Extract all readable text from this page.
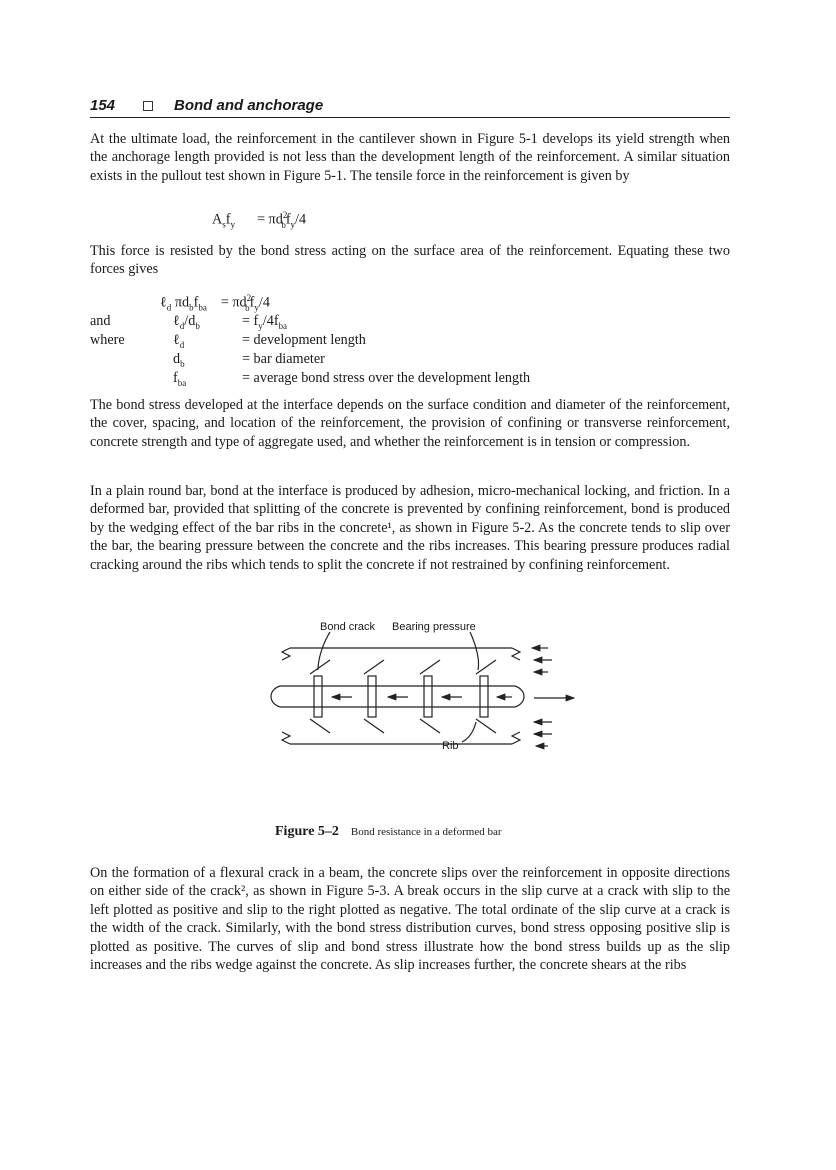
154	Bond and anchorage

At the ultimate load, the reinforcement in the cantilever shown in Figure 5-1 develops its yield strength when the anchorage length provided is not less than the development length of the reinforcement. A similar situation exists in the pullout test shown in Figure 5-1. The tensile force in the reinforcement is given by

$A_sf_y = \pi d^2_bf_y/4$

This force is resisted by the bond stress acting on the surface area of the reinforcement. Equating these two forces gives

ℓ$_d$ $\pi d_bf_{ba} = \pi d^2_bf_y/4$
and	$\ell_d/d_b$	= $f_y/4f_{ba}$
where	ℓ$_d$	= development length
$d_b$	= bar diameter
$f_{ba}$	= average bond stress over the development length

The bond stress developed at the interface depends on the surface condition and diameter of the reinforcement, the cover, spacing, and location of the reinforcement, the provision of confining or transverse reinforcement, concrete strength and type of aggregate used, and whether the reinforcement is in tension or compression.

In a plain round bar, bond at the interface is produced by adhesion, micro-mechanical locking, and friction. In a deformed bar, provided that splitting of the concrete is prevented by confining reinforcement, bond is produced by the wedging effect of the bar ribs in the concrete¹, as shown in Figure 5-2. As the concrete tends to slip over the bar, the bearing pressure between the concrete and the ribs increases. This bearing pressure produces radial cracking around the ribs which tends to split the concrete if not restrained by confining reinforcement.

Bond crack Bearing pressure
Rib
Figure 5–2 Bond resistance in a deformed bar

On the formation of a flexural crack in a beam, the concrete slips over the reinforcement in opposite directions on either side of the crack², as shown in Figure 5-3. A break occurs in the slip curve at a crack with slip to the left plotted as positive and slip to the right plotted as negative. The total ordinate of the slip curve at a crack is the width of the crack. Similarly, with the bond stress distribution curves, bond stress opposing positive slip is plotted as positive. The curves of slip and bond stress illustrate how the bond stress builds up as the slip increases and the ribs wedge against the concrete. As slip increases further, the concrete shears at the ribs
